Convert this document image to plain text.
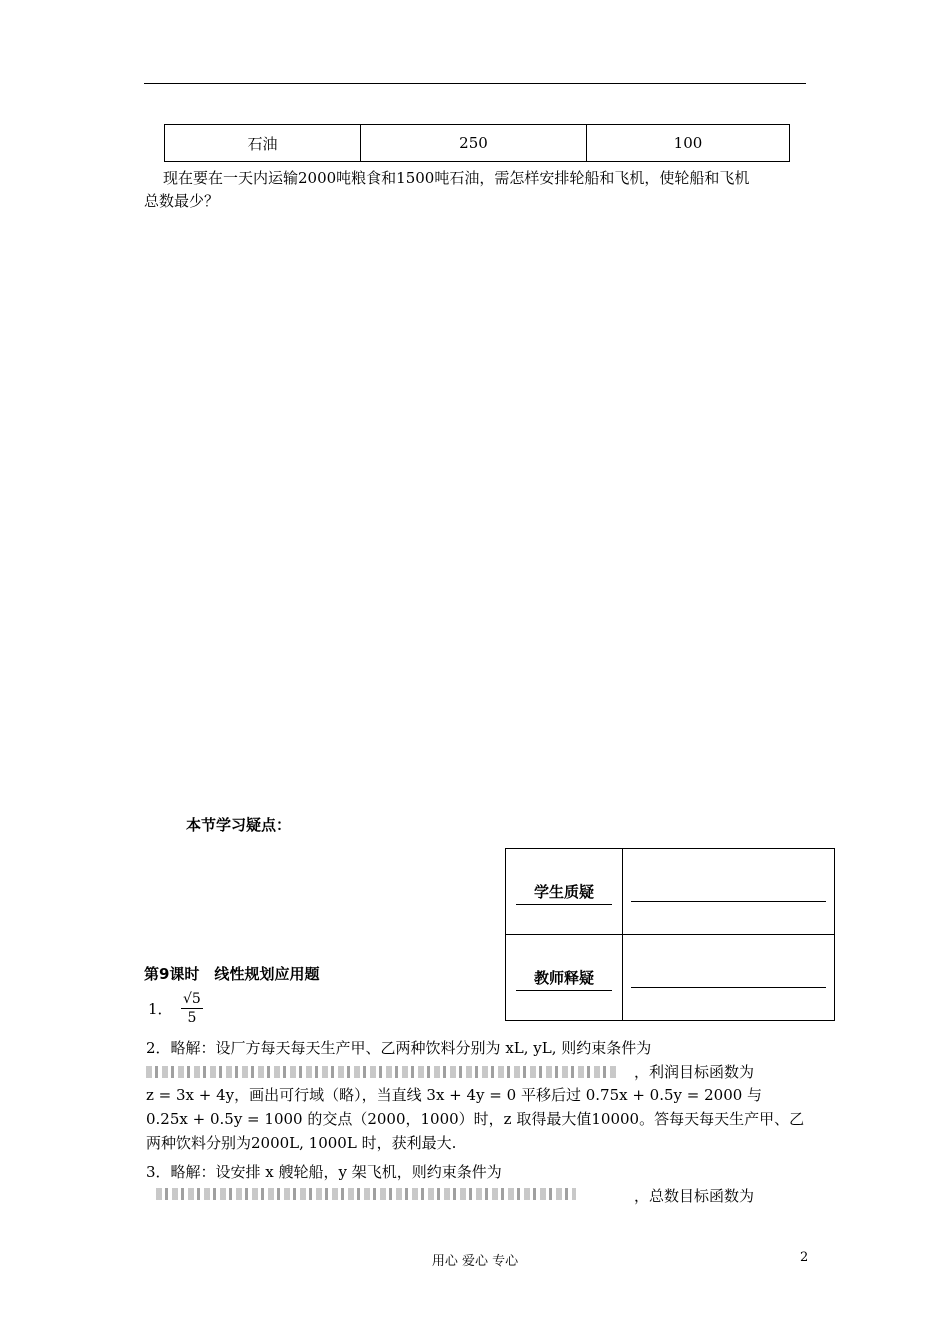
石油	250	100
现在要在一天内运输2000吨粮食和1500吨石油，需怎样安排轮船和飞机，使轮船和飞机
总数最少？
本节学习疑点：
学生质疑	

教师释疑	

第9课时　线性规划应用题
1． $\frac{√5}{5}$
2．略解：设厂方每天每天生产甲、乙两种饮料分别为 xL, yL, 则约束条件为
，利润目标函数为
z = 3x + 4y，画出可行域（略），当直线 3x + 4y = 0 平移后过 0.75x + 0.5y = 2000 与
0.25x + 0.5y = 1000 的交点（2000，1000）时，z 取得最大值10000。答每天每天生产甲、乙
两种饮料分别为2000L, 1000L 时，获利最大.
3．略解：设安排 x 艘轮船，y 架飞机，则约束条件为
，总数目标函数为
用心 爱心 专心	2
